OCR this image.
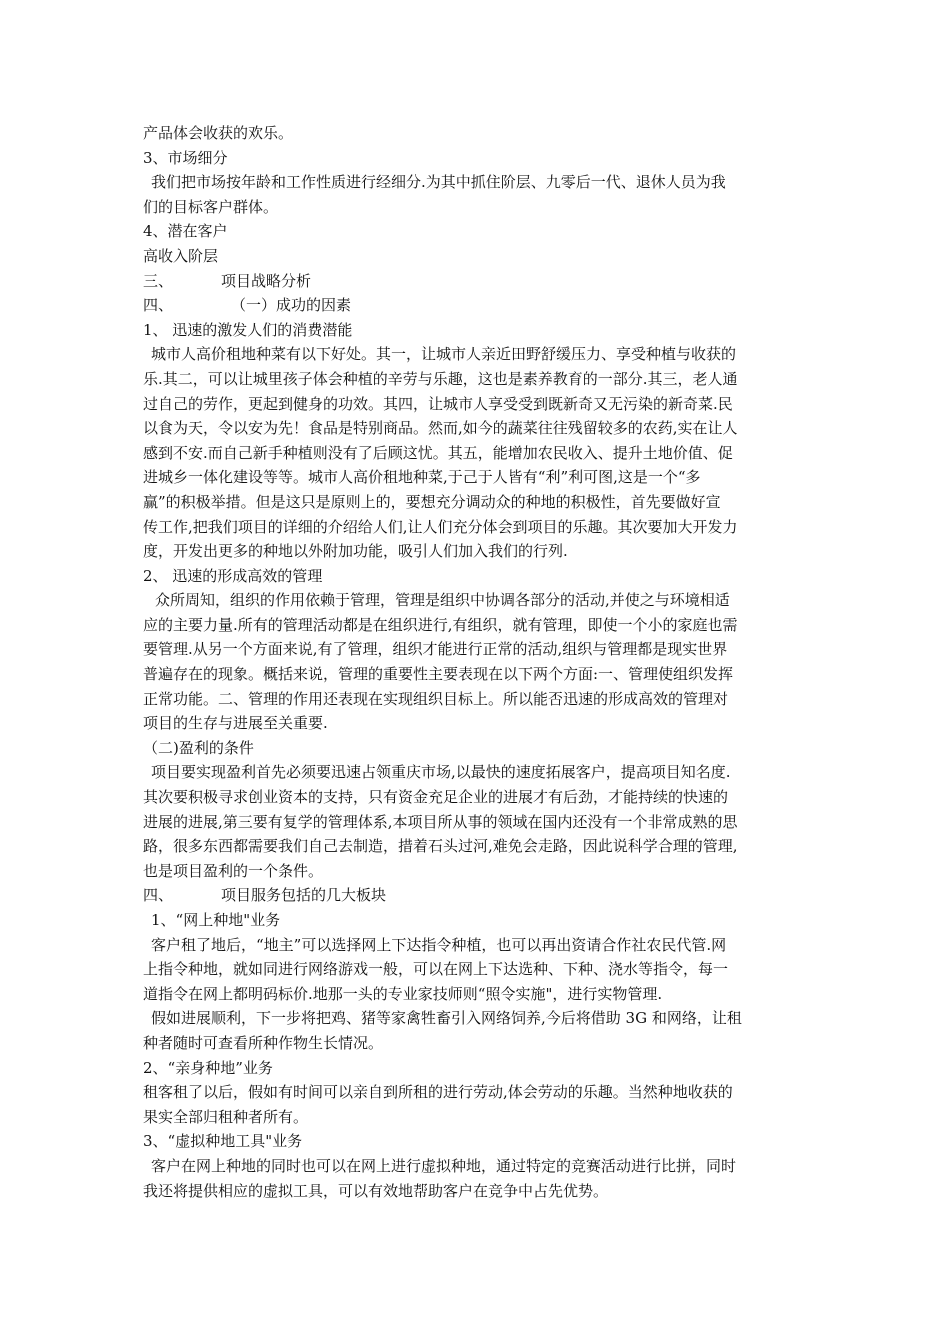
产品体会收获的欢乐。
3、市场细分
我们把市场按年龄和工作性质进行经细分.为其中抓住阶层、九零后一代、退休人员为我
们的目标客户群体。
4、潜在客户
高收入阶层
三、	项目战略分析
四、	（一）成功的因素
1、 迅速的激发人们的消费潜能
城市人高价租地种菜有以下好处。其一，让城市人亲近田野舒缓压力、享受种植与收获的
乐.其二，可以让城里孩子体会种植的辛劳与乐趣，这也是素养教育的一部分.其三，老人通
过自己的劳作，更起到健身的功效。其四，让城市人享受受到既新奇又无污染的新奇菜.民
以食为天，令以安为先！食品是特别商品。然而,如今的蔬菜往往残留较多的农药,实在让人
感到不安.而自己新手种植则没有了后顾这忧。其五，能增加农民收入、提升土地价值、促
进城乡一体化建设等等。城市人高价租地种菜,于己于人皆有“利”利可图,这是一个“多
赢”的积极举措。但是这只是原则上的，要想充分调动众的种地的积极性，首先要做好宣
传工作,把我们项目的详细的介绍给人们,让人们充分体会到项目的乐趣。其次要加大开发力
度，开发出更多的种地以外附加功能，吸引人们加入我们的行列.
2、 迅速的形成高效的管理
众所周知，组织的作用依赖于管理，管理是组织中协调各部分的活动,并使之与环境相适
应的主要力量.所有的管理活动都是在组织进行,有组织，就有管理，即使一个小的家庭也需
要管理.从另一个方面来说,有了管理，组织才能进行正常的活动,组织与管理都是现实世界
普遍存在的现象。概括来说，管理的重要性主要表现在以下两个方面:一、管理使组织发挥
正常功能。二、管理的作用还表现在实现组织目标上。所以能否迅速的形成高效的管理对
项目的生存与进展至关重要.
（二)盈利的条件
项目要实现盈利首先必须要迅速占领重庆市场,以最快的速度拓展客户，提高项目知名度.
其次要积极寻求创业资本的支持，只有资金充足企业的进展才有后劲，才能持续的快速的
进展的进展,第三要有复学的管理体系,本项目所从事的领域在国内还没有一个非常成熟的思
路，很多东西都需要我们自己去制造，措着石头过河,难免会走路，因此说科学合理的管理,
也是项目盈利的一个条件。
四、	项目服务包括的几大板块
1、“网上种地"业务
客户租了地后，“地主”可以选择网上下达指令种植，也可以再出资请合作社农民代管.网
上指令种地，就如同进行网络游戏一般，可以在网上下达选种、下种、浇水等指令，每一
道指令在网上都明码标价.地那一头的专业家技师则“照令实施"，进行实物管理.
假如进展顺利，下一步将把鸡、猪等家禽牲畜引入网络饲养,今后将借助 3G 和网络，让租
种者随时可查看所种作物生长情况。
2、“亲身种地”业务
租客租了以后，假如有时间可以亲自到所租的进行劳动,体会劳动的乐趣。当然种地收获的
果实全部归租种者所有。
3、“虚拟种地工具"业务
客户在网上种地的同时也可以在网上进行虚拟种地，通过特定的竞赛活动进行比拼，同时
我还将提供相应的虚拟工具，可以有效地帮助客户在竞争中占先优势。
